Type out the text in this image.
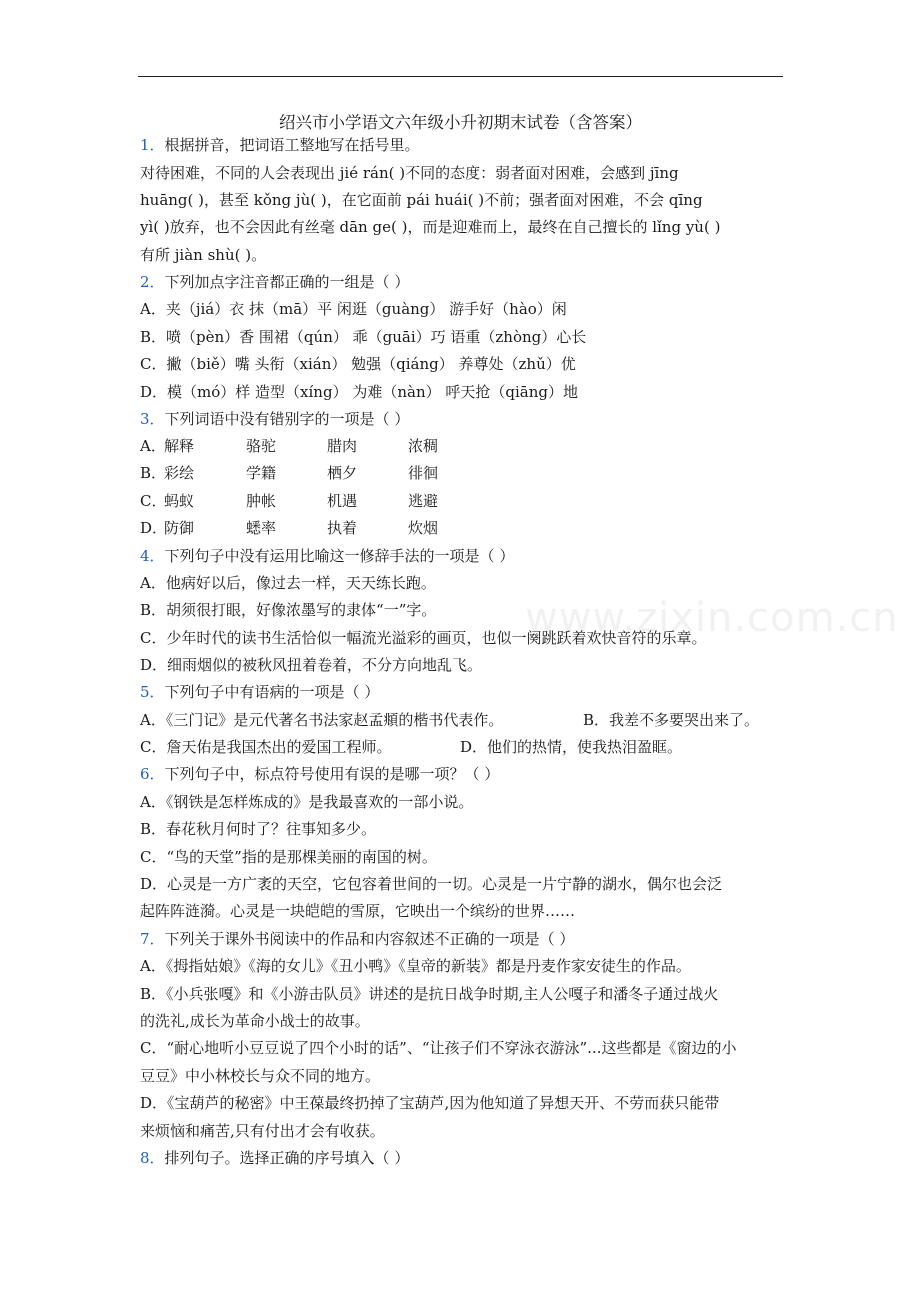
绍兴市小学语文六年级小升初期末试卷（含答案）
1．根据拼音，把词语工整地写在括号里。
对待困难，不同的人会表现出 jié rán( )不同的态度：弱者面对困难，会感到 jīng
huāng( )，甚至 kǒng jù( )，在它面前 pái huái( )不前；强者面对困难，不会 qīng
yì( )放弃，也不会因此有丝毫 dān ge( )，而是迎难而上，最终在自己擅长的 lǐng yù( )
有所 jiàn shù( )。
2．下列加点字注音都正确的一组是（ ）
A．夹（jiá）衣 抹（mā）平 闲逛（guàng） 游手好（hào）闲
B．喷（pèn）香 围裙（qún） 乖（guāi）巧 语重（zhòng）心长
C．撇（biě）嘴 头衔（xián） 勉强（qiáng） 养尊处（zhǔ）优
D．模（mó）样 造型（xíng） 为难（nàn） 呼天抢（qiāng）地
3．下列词语中没有错别字的一项是（ ）
A．
解释	骆驼	腊肉	浓稠
B．
彩绘	学籍	栖夕	徘徊
C．
蚂蚁	肿帐	机遇	逃避
D．
防御	蟋率	执着	炊烟
4．下列句子中没有运用比喻这一修辞手法的一项是（ ）
A．他病好以后，像过去一样，天天练长跑。
B．胡须很打眼，好像浓墨写的隶体“一”字。
C．少年时代的读书生活恰似一幅流光溢彩的画页，也似一阕跳跃着欢快音符的乐章。
D．细雨烟似的被秋风扭着卷着，不分方向地乱飞。
5．下列句子中有语病的一项是（ ）
A．《三门记》是元代著名书法家赵孟頫的楷书代表作。	B．我差不多要哭出来了。
C．詹天佑是我国杰出的爱国工程师。	D．他们的热情，使我热泪盈眶。
6．下列句子中，标点符号使用有误的是哪一项？（ ）
A．《钢铁是怎样炼成的》是我最喜欢的一部小说。
B．春花秋月何时了？往事知多少。
C．“鸟的天堂”指的是那棵美丽的南国的树。
D．心灵是一方广袤的天空，它包容着世间的一切。心灵是一片宁静的湖水，偶尔也会泛
起阵阵涟漪。心灵是一块皑皑的雪原，它映出一个缤纷的世界……
7．下列关于课外书阅读中的作品和内容叙述不正确的一项是（ ）
A．《拇指姑娘》《海的女儿》《丑小鸭》《皇帝的新装》都是丹麦作家安徒生的作品。
B．《小兵张嘎》和《小游击队员》讲述的是抗日战争时期,主人公嘎子和潘冬子通过战火
的洗礼,成长为革命小战士的故事。
C．“耐心地听小豆豆说了四个小时的话”、“让孩子们不穿泳衣游泳”...这些都是《窗边的小
豆豆》中小林校长与众不同的地方。
D．《宝葫芦的秘密》中王葆最终扔掉了宝葫芦,因为他知道了异想天开、不劳而获只能带
来烦恼和痛苦,只有付出才会有收获。
8．排列句子。选择正确的序号填入（ ）
www.zixin.com.cn
